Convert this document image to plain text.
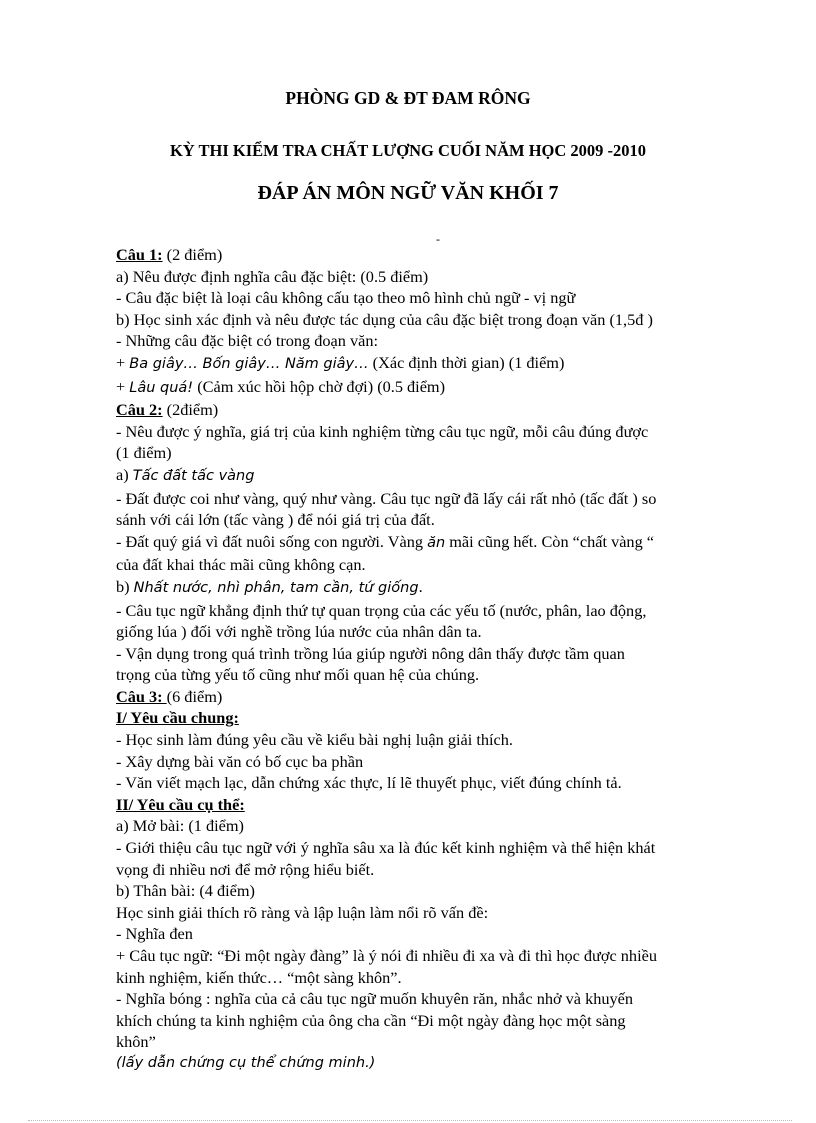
PHÒNG GD & ĐT ĐAM RÔNG
KỲ THI KIỂM TRA CHẤT LƯỢNG CUỐI NĂM HỌC 2009 -2010
ĐÁP ÁN MÔN NGỮ VĂN KHỐI 7
-

Câu 1: (2 điểm)

a) Nêu được định nghĩa câu đặc biệt: (0.5 điểm)

- Câu đặc biệt là loại câu không cấu tạo theo mô hình chủ ngữ - vị ngữ

b) Học sinh xác định và nêu được tác dụng của câu đặc biệt trong đoạn văn (1,5đ )

- Những câu đặc biệt có trong đoạn văn:

+ Ba giây… Bốn giây… Năm giây… (Xác định thời gian) (1 điểm)

+ Lâu quá! (Cảm xúc hồi hộp chờ đợi) (0.5 điểm)

Câu 2: (2điểm)

- Nêu được ý nghĩa, giá trị của kinh nghiệm từng câu tục ngữ, mỗi câu đúng được

(1 điểm)

a) Tấc đất tấc vàng

- Đất được coi như vàng, quý như vàng. Câu tục ngữ đã lấy cái rất nhỏ (tấc đất ) so

sánh với cái lớn (tấc vàng ) để nói giá trị của đất.

- Đất quý giá vì đất nuôi sống con người. Vàng ăn mãi cũng hết. Còn “chất vàng “

của đất khai thác mãi cũng không cạn.

b) Nhất nước, nhì phân, tam cần, tứ giống.

- Câu tục ngữ khẳng định thứ tự quan trọng của các yếu tố (nước, phân, lao động,

giống lúa ) đối với nghề trồng lúa nước của nhân dân ta.

- Vận dụng trong quá trình trồng lúa giúp người nông dân thấy được tầm quan

trọng của từng yếu tố cũng như mối quan hệ của chúng.

Câu 3: (6 điểm)

I/ Yêu cầu chung:

- Học sinh làm đúng yêu cầu về kiểu bài nghị luận giải thích.

- Xây dựng bài văn có bố cục ba phần

- Văn viết mạch lạc, dẫn chứng xác thực, lí lẽ thuyết phục, viết đúng chính tả.

II/ Yêu cầu cụ thể:

a) Mở bài: (1 điểm)

- Giới thiệu câu tục ngữ với ý nghĩa sâu xa là đúc kết kinh nghiệm và thể hiện khát

vọng đi nhiều nơi để mở rộng hiểu biết.

b) Thân bài: (4 điểm)

Học sinh giải thích rõ ràng và lập luận làm nổi rõ vấn đề:

- Nghĩa đen

+ Câu tục ngữ: “Đi một ngày đàng” là ý nói đi nhiều đi xa và đi thì học được nhiều

kinh nghiệm, kiến thức… “một sàng khôn”.

- Nghĩa bóng : nghĩa của cả câu tục ngữ muốn khuyên răn, nhắc nhở và khuyến

khích chúng ta kinh nghiệm của ông cha cần “Đi một ngày đàng học một sàng

khôn”

(lấy dẫn chứng cụ thể chứng minh.)
